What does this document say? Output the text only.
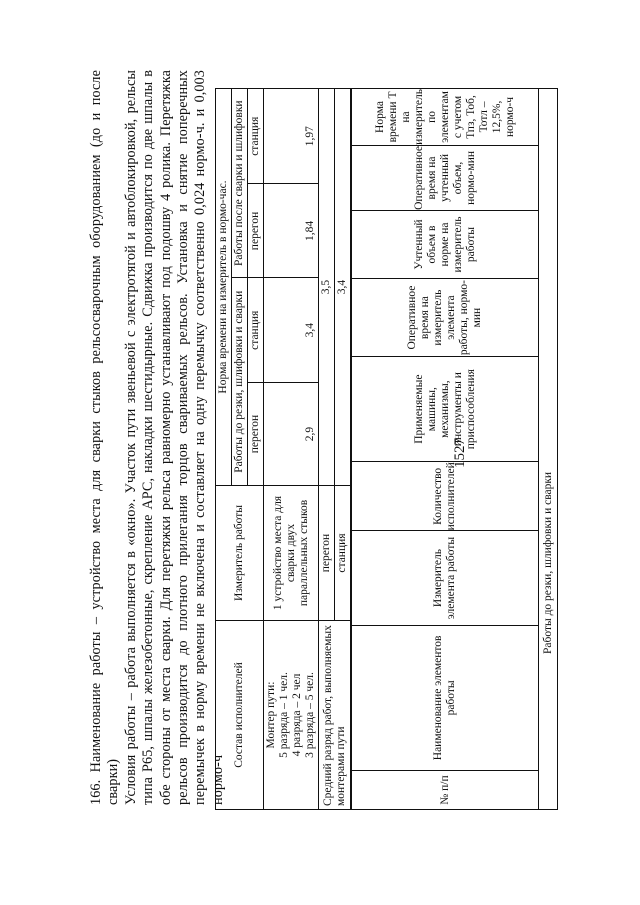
1527

166. Наименование работы – устройство места для сварки стыков рельсосварочным оборудованием (до и после сварки) Условия работы – работа выполняется в «окно». Участок пути звеньевой с электротягой и автоблокировкой, рельсы типа Р65, шпалы железобетонные, скрепление АРС, накладки шестидырные. Сдвижка производится по две шпалы в обе стороны от места сварки. Для перетяжки рельса равномерно устанавливают под подошву 4 ролика. Перетяжка рельсов производится до плотного прилегания торцов свариваемых рельсов. Установка и снятие поперечных перемычек в норму времени не включена и составляет на одну перемычку соответственно 0,024 нормо-ч. и 0,003 нормо-ч

Состав исполнителей	Измеритель работы	Норма времени на измеритель в нормо-час.			
		Работы до резки, шлифовки и сварки		Работы после сварки и шлифовки	
		перегон	станция	перегон	станция

Монтер пути: 5 разряда – 1 чел. 4 разряда – 2 чел 3 разряда – 5 чел.	1 устройство места для сварки двух параллельных стыков	2,9	3,4	1,84	1,97
Средний разряд работ, выполняемых монтерами пути	перегон	3,5			
	станция	3,4			
№ п/п	Наименование элементов работы	Измеритель элемента работы	Количество исполнителей	Применяемые машины, механизмы, инструменты и приспособления	Оперативное время на измеритель элемента работы, нормо-мин	Учтенный объем в норме на измеритель работы	Оперативное время на учтенный объем, нормо-мин	Норма времени Т на измеритель по элементам с учетом Тпз, Тоб, Тотл – 12,5%, нормо-ч
Работы до резки, шлифовки и сварки
